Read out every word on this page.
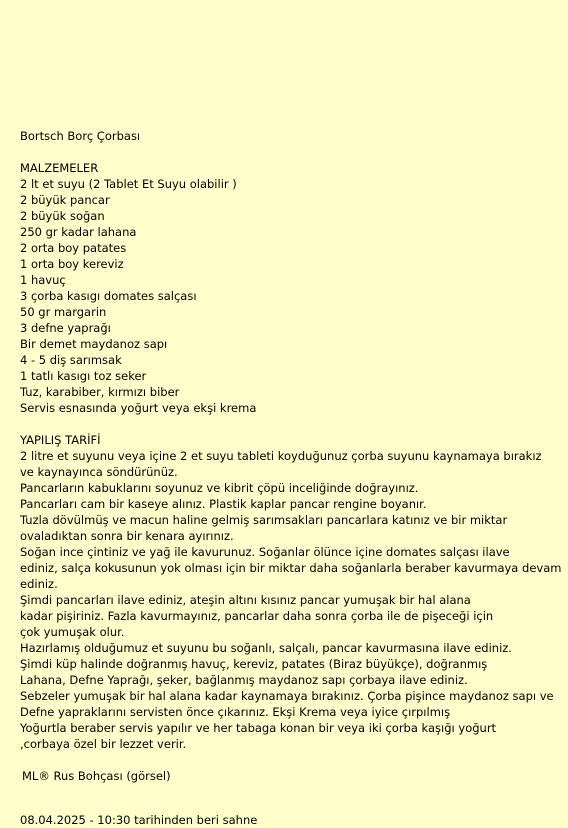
Bortsch Borç Çorbası
MALZEMELER
2 lt et suyu (2 Tablet Et Suyu olabilir )
2 büyük pancar
2 büyük soğan
250 gr kadar lahana
2 orta boy patates
1 orta boy kereviz
1 havuç
3 çorba kasıgı domates salçası
50 gr margarin
3 defne yaprağı
Bir demet maydanoz sapı
4 - 5 diş sarımsak
1 tatlı kasıgı toz seker
Tuz, karabiber, kırmızı biber
Servis esnasında yoğurt veya ekşi krema
YAPILIŞ TARİFİ
2 litre et suyunu veya içine 2 et suyu tableti koyduğunuz çorba suyunu kaynamaya bırakız
ve kaynayınca söndürünüz.
Pancarların kabuklarını soyunuz ve kibrit çöpü inceliğinde doğrayınız.
Pancarları cam bir kaseye alınız. Plastik kaplar pancar rengine boyanır.
Tuzla dövülmüş ve macun haline gelmiş sarımsakları pancarlara katınız ve bir miktar
ovaladıktan sonra bir kenara ayırınız.
Soğan ince çintiniz ve yağ ile kavurunuz. Soğanlar ölünce içine domates salçası ilave
ediniz, salça kokusunun yok olması için bir miktar daha soğanlarla beraber kavurmaya devam
ediniz.
Şimdi pancarları ilave ediniz, ateşin altını kısınız pancar yumuşak bir hal alana
kadar pişiriniz. Fazla kavurmayınız, pancarlar daha sonra çorba ile de pişeceği için
çok yumuşak olur.
Hazırlamış olduğumuz et suyunu bu soğanlı, salçalı, pancar kavurmasına ilave ediniz.
Şimdi küp halinde doğranmış havuç, kereviz, patates (Biraz büyükçe), doğranmış
Lahana, Defne Yaprağı, şeker, bağlanmış maydanoz sapı çorbaya ilave ediniz.
Sebzeler yumuşak bir hal alana kadar kaynamaya bırakınız. Çorba pişince maydanoz sapı ve
Defne yapraklarını servisten önce çıkarınız. Ekşi Krema veya iyice çırpılmış
Yoğurtla beraber servis yapılır ve her tabaga konan bir veya iki çorba kaşığı yoğurt
,corbaya özel bir lezzet verir.
ML® Rus Bohçası (görsel)
08.04.2025 - 10:30 tarihinden beri sahne
